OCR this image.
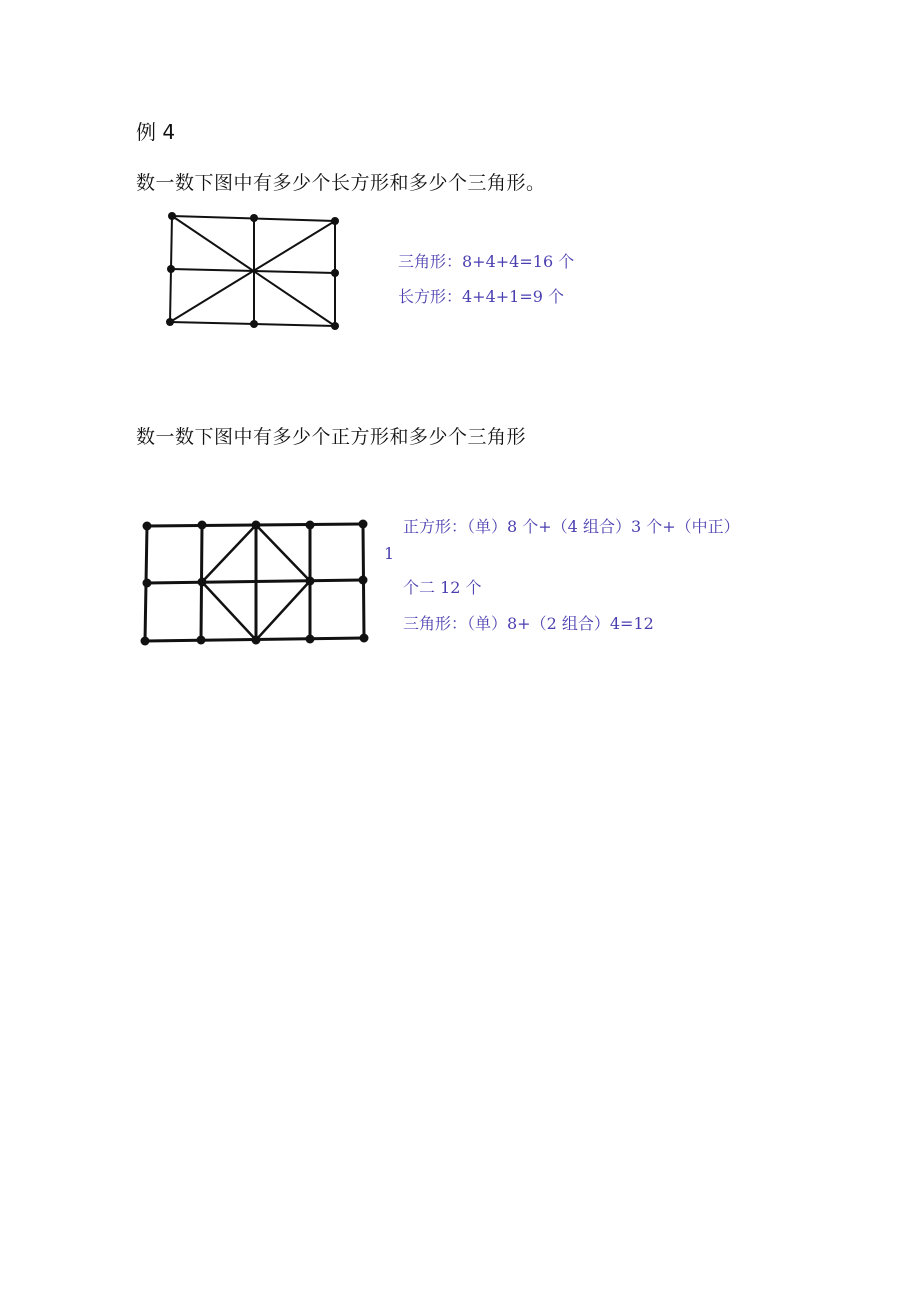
例 4
数一数下图中有多少个长方形和多少个三角形。
三角形：8+4+4=16 个
长方形：4+4+1=9 个
数一数下图中有多少个正方形和多少个三角形
正方形：（单）8 个+（4 组合）3 个+（中正）
1
个二 12 个
三角形：（单）8+（2 组合）4=12
